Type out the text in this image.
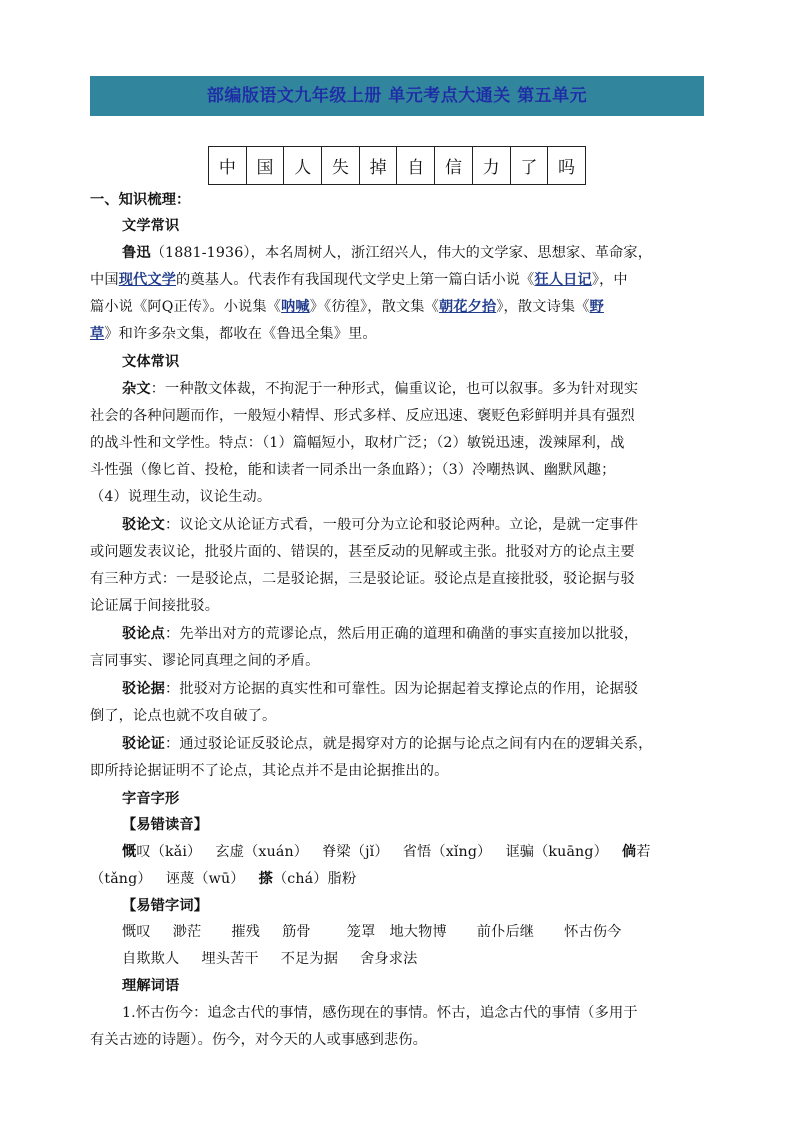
部编版语文九年级上册 单元考点大通关 第五单元
中	国	人	失	掉	自	信	力	了	吗
一、知识梳理：
文学常识
鲁迅（1881-1936），本名周树人，浙江绍兴人，伟大的文学家、思想家、革命家，
中国现代文学的奠基人。代表作有我国现代文学史上第一篇白话小说《狂人日记》，中
篇小说《阿Q正传》。小说集《呐喊》《彷徨》，散文集《朝花夕拾》，散文诗集《野
草》和许多杂文集，都收在《鲁迅全集》里。
文体常识
杂文：一种散文体裁，不拘泥于一种形式，偏重议论，也可以叙事。多为针对现实
社会的各种问题而作，一般短小精悍、形式多样、反应迅速、褒贬色彩鲜明并具有强烈
的战斗性和文学性。特点：（1）篇幅短小，取材广泛；（2）敏锐迅速，泼辣犀利，战
斗性强（像匕首、投枪，能和读者一同杀出一条血路）；（3）冷嘲热讽、幽默风趣；
（4）说理生动，议论生动。
驳论文：议论文从论证方式看，一般可分为立论和驳论两种。立论，是就一定事件
或问题发表议论，批驳片面的、错误的，甚至反动的见解或主张。批驳对方的论点主要
有三种方式：一是驳论点，二是驳论据，三是驳论证。驳论点是直接批驳，驳论据与驳
论证属于间接批驳。
驳论点：先举出对方的荒谬论点，然后用正确的道理和确凿的事实直接加以批驳，
言同事实、谬论同真理之间的矛盾。
驳论据：批驳对方论据的真实性和可靠性。因为论据起着支撑论点的作用，论据驳
倒了，论点也就不攻自破了。
驳论证：通过驳论证反驳论点，就是揭穿对方的论据与论点之间有内在的逻辑关系，
即所持论据证明不了论点，其论点并不是由论据推出的。
字音字形
【易错读音】
慨叹（kǎi） 玄虚（xuán） 脊梁（jǐ） 省悟（xǐng） 诓骗（kuāng） 倘若
（tǎng） 诬蔑（wū） 搽（chá）脂粉
【易错字词】
慨叹 渺茫 摧残 筋骨	笼罩 地大物博 前仆后继 怀古伤今
自欺欺人 埋头苦干 不足为据 舍身求法
理解词语
1.怀古伤今：追念古代的事情，感伤现在的事情。怀古，追念古代的事情（多用于
有关古迹的诗题）。伤今，对今天的人或事感到悲伤。
